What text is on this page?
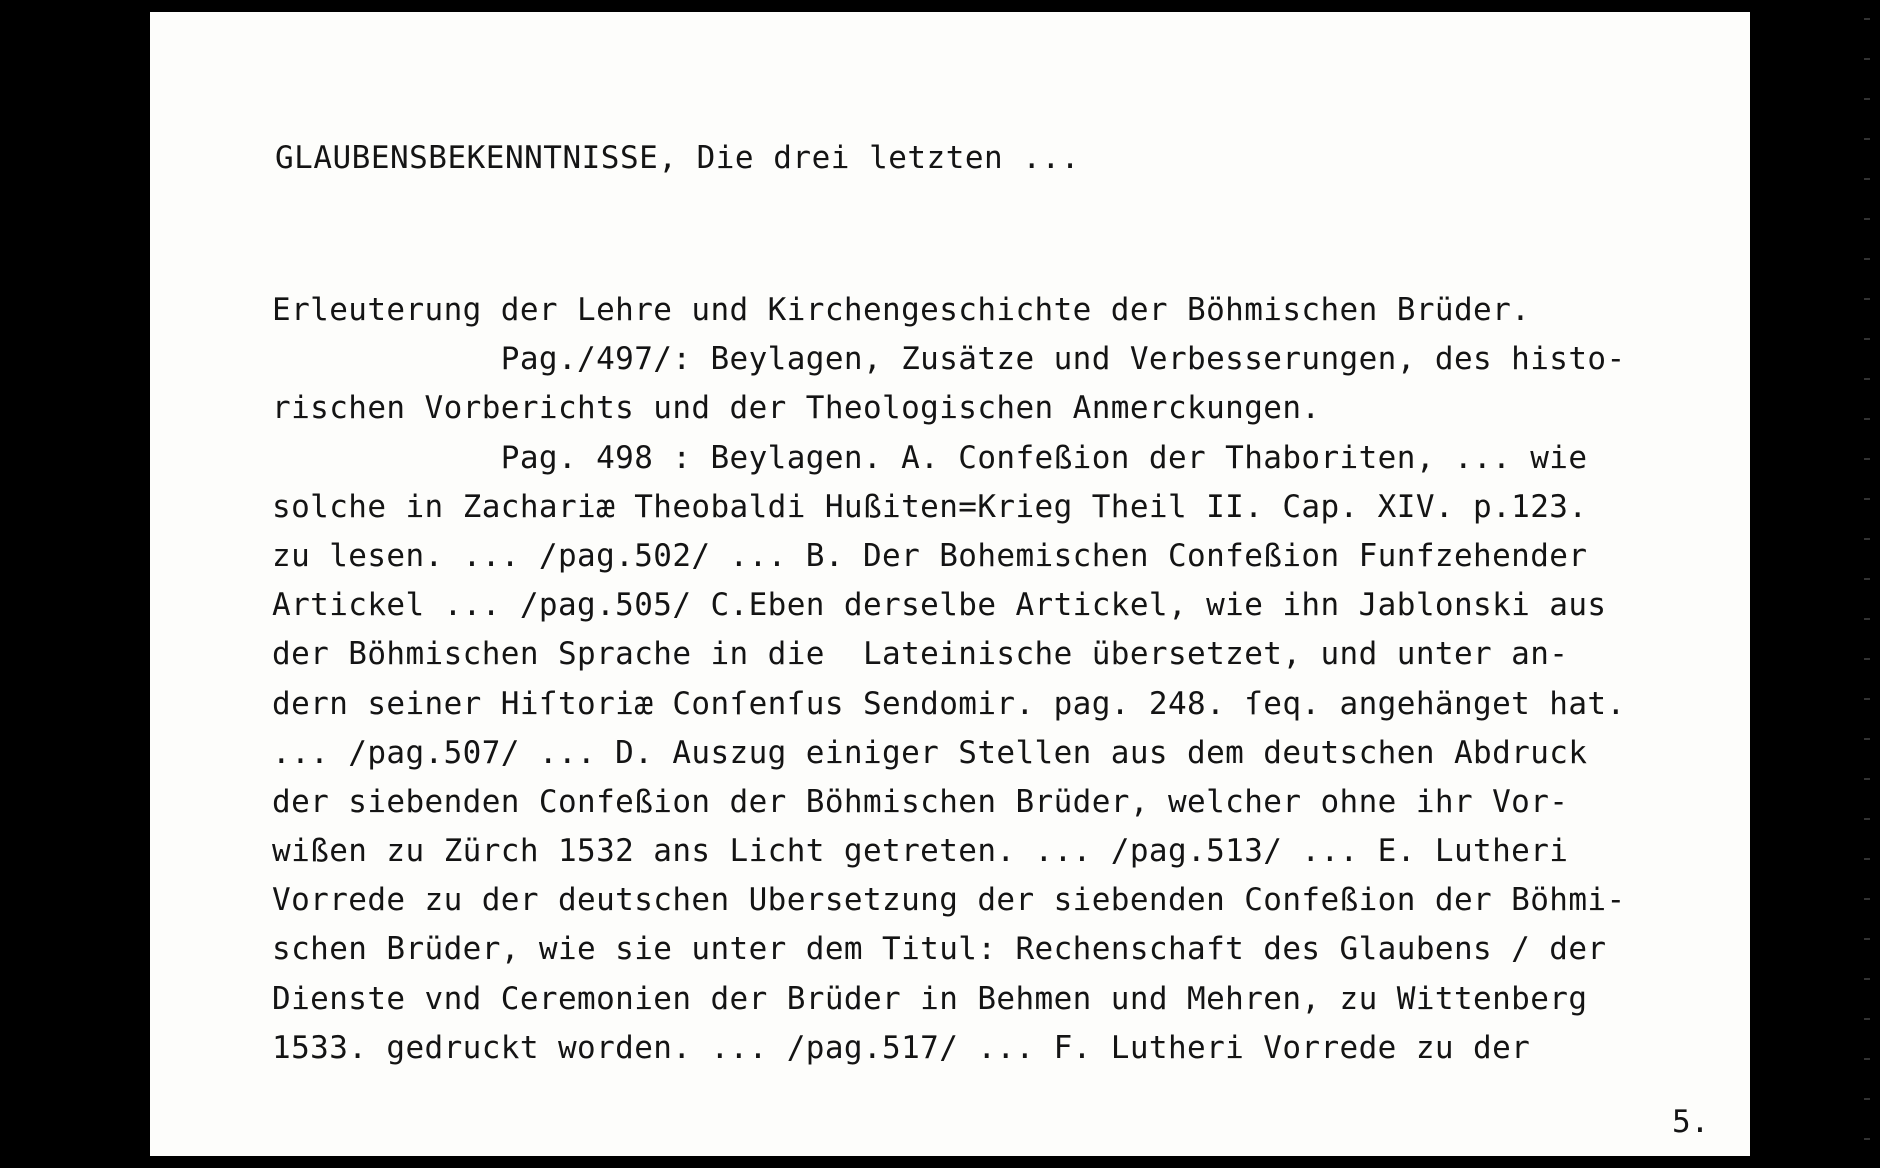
GLAUBENSBEKENNTNISSE, Die drei letzten ...
Erleuterung der Lehre und Kirchengeschichte der Böhmischen Brüder.
Pag./497/: Beylagen, Zusätze und Verbesserungen, des histo-
rischen Vorberichts und der Theologischen Anmerckungen.
Pag. 498 : Beylagen. A. Confeßion der Thaboriten, ... wie
solche in Zachariæ Theobaldi Hußiten=Krieg Theil II. Cap. XIV. p.123.
zu lesen. ... /pag.502/ ... B. Der Bohemischen Confeßion Funfzehender
Artickel ... /pag.505/ C.Eben derselbe Artickel, wie ihn Jablonski aus
der Böhmischen Sprache in die  Lateinische übersetzet, und unter an-
dern seiner Hiſtoriæ Conſenſus Sendomir. pag. 248. ſeq. angehänget hat.
... /pag.507/ ... D. Auszug einiger Stellen aus dem deutschen Abdruck
der siebenden Confeßion der Böhmischen Brüder, welcher ohne ihr Vor-
wißen zu Zürch 1532 ans Licht getreten. ... /pag.513/ ... E. Lutheri
Vorrede zu der deutschen Ubersetzung der siebenden Confeßion der Böhmi-
schen Brüder, wie sie unter dem Titul: Rechenschaft des Glaubens / der
Dienste vnd Ceremonien der Brüder in Behmen und Mehren, zu Wittenberg
1533. gedruckt worden. ... /pag.517/ ... F. Lutheri Vorrede zu der
5.
